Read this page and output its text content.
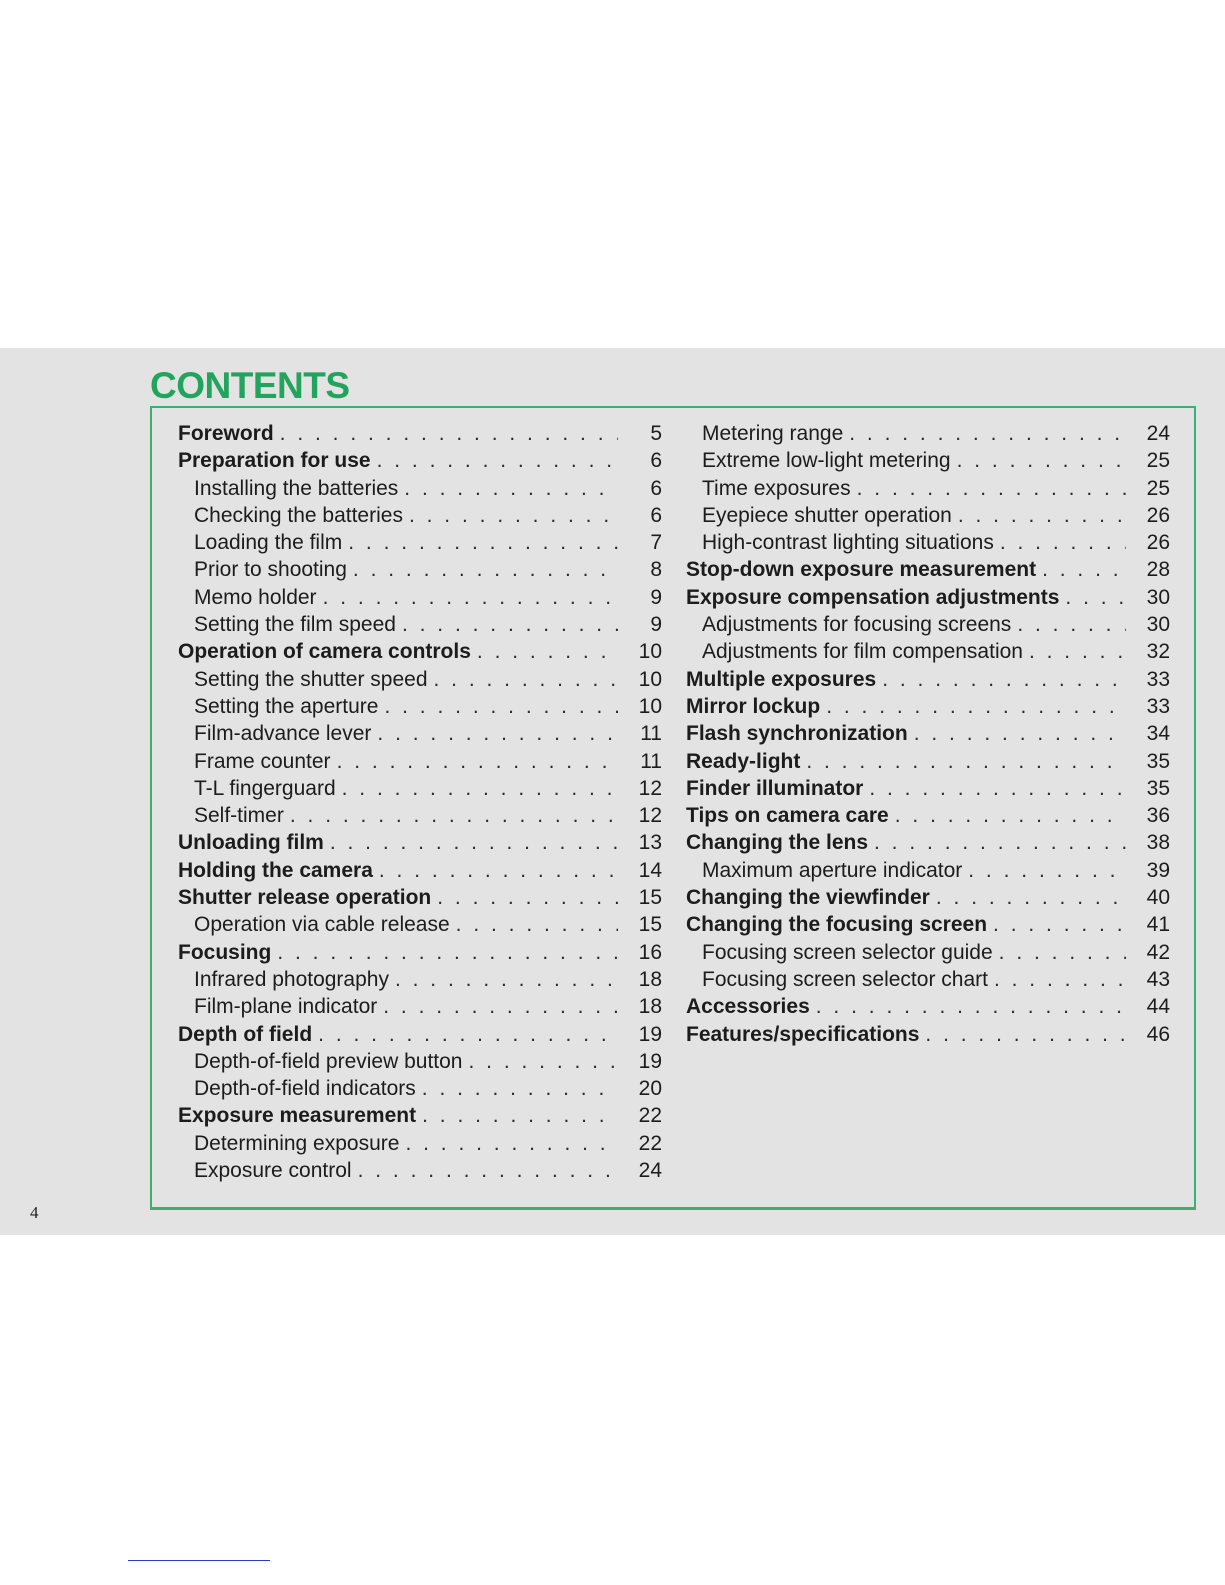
CONTENTS
Foreword . . .	5
Preparation for use . . .	6
Installing the batteries . . .	6
Checking the batteries . . .	6
Loading the film . . .	7
Prior to shooting . . .	8
Memo holder . . .	9
Setting the film speed . . .	9
Operation of camera controls . . .	10
Setting the shutter speed . . .	10
Setting the aperture . . .	10
Film-advance lever . . .	11
Frame counter . . .	11
T-L fingerguard . . .	12
Self-timer . . .	12
Unloading film . . .	13
Holding the camera . . .	14
Shutter release operation . . .	15
Operation via cable release . . .	15
Focusing . . .	16
Infrared photography . . .	18
Film-plane indicator . . .	18
Depth of field . . .	19
Depth-of-field preview button . . .	19
Depth-of-field indicators . . .	20
Exposure measurement . . .	22
Determining exposure . . .	22
Exposure control . . .	24
Metering range . . .	24
Extreme low-light metering . . .	25
Time exposures . . .	25
Eyepiece shutter operation . . .	26
High-contrast lighting situations . . .	26
Stop-down exposure measurement . . .	28
Exposure compensation adjustments . . .	30
Adjustments for focusing screens . . .	30
Adjustments for film compensation . . .	32
Multiple exposures . . .	33
Mirror lockup . . .	33
Flash synchronization . . .	34
Ready-light . . .	35
Finder illuminator . . .	35
Tips on camera care . . .	36
Changing the lens . . .	38
Maximum aperture indicator . . .	39
Changing the viewfinder . . .	40
Changing the focusing screen . . .	41
Focusing screen selector guide . . .	42
Focusing screen selector chart . . .	43
Accessories . . .	44
Features/specifications . . .	46
4
